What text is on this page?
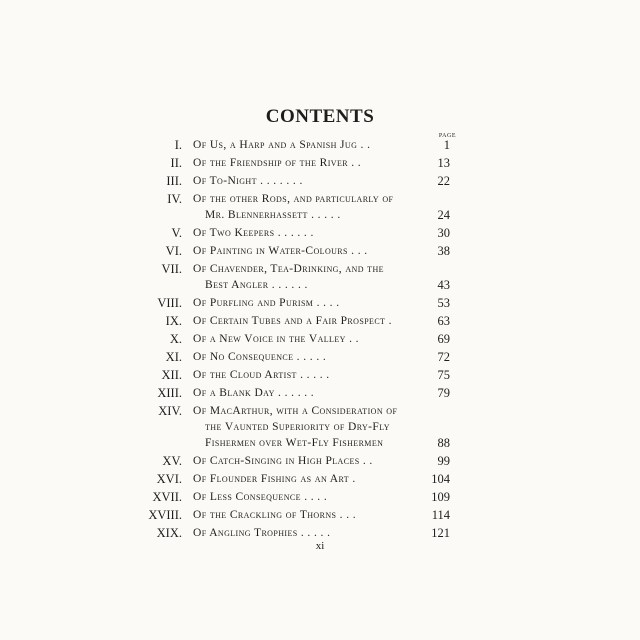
CONTENTS
PAGE
I. Of Us, a Harp and a Spanish Jug . .	1
II. Of the Friendship of the River . .	13
III. Of To-Night . . . . . . .	22
IV. Of the other Rods, and particularly of
Mr. Blennerhassett . . . . .	24
V. Of Two Keepers . . . . . .	30
VI. Of Painting in Water-Colours . . .	38
VII. Of Chavender, Tea-Drinking, and the
Best Angler . . . . . .	43
VIII. Of Purfling and Purism . . . .	53
IX. Of Certain Tubes and a Fair Prospect .	63
X. Of a New Voice in the Valley . .	69
XI. Of No Consequence . . . . .	72
XII. Of the Cloud Artist . . . . .	75
XIII. Of a Blank Day . . . . . .	79
XIV. Of MacArthur, with a Consideration of
the Vaunted Superiority of Dry-Fly
Fishermen over Wet-Fly Fishermen	88
XV. Of Catch-Singing in High Places . .	99
XVI. Of Flounder Fishing as an Art .	104
XVII. Of Less Consequence . . . .	109
XVIII. Of the Crackling of Thorns . . .	114
XIX. Of Angling Trophies . . . . .	121
xi
